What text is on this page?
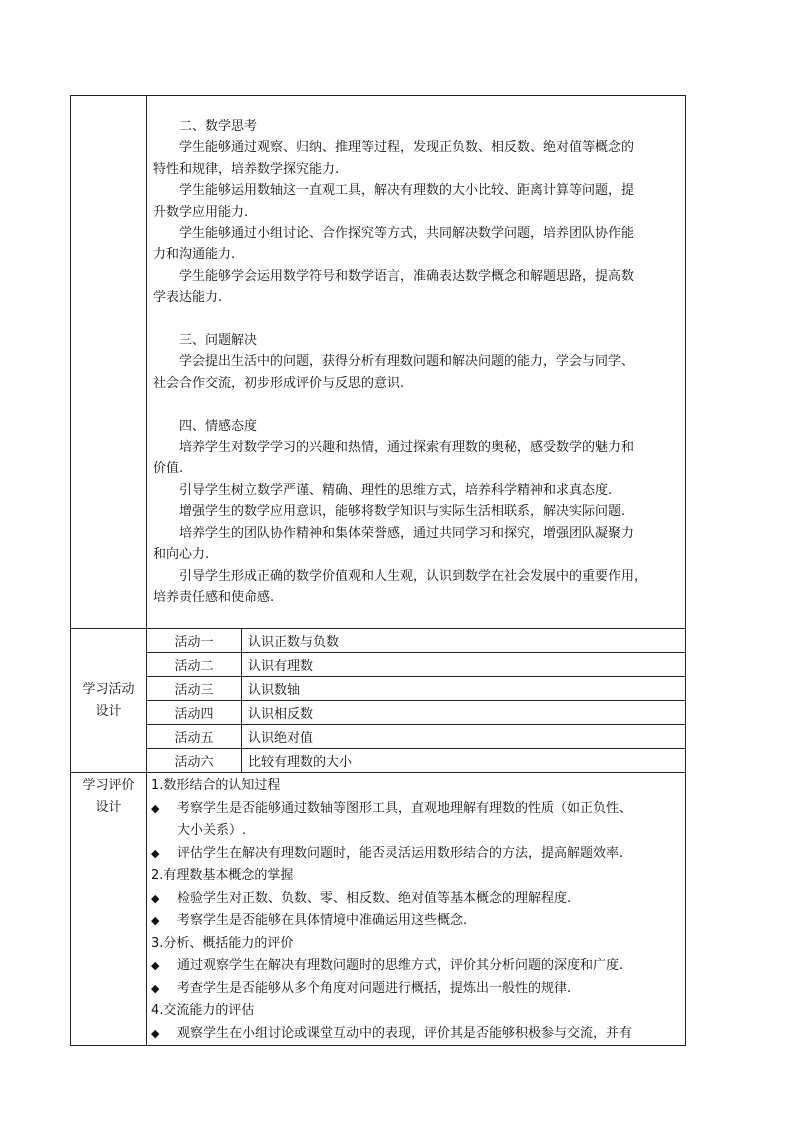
二、数学思考

学生能够通过观察、归纳、推理等过程，发现正负数、相反数、绝对值等概念的

特性和规律，培养数学探究能力.

学生能够运用数轴这一直观工具，解决有理数的大小比较、距离计算等问题，提

升数学应用能力.

学生能够通过小组讨论、合作探究等方式，共同解决数学问题，培养团队协作能

力和沟通能力.

学生能够学会运用数学符号和数学语言，准确表达数学概念和解题思路，提高数

学表达能力.

三、问题解决

学会提出生活中的问题，获得分析有理数问题和解决问题的能力，学会与同学、

社会合作交流，初步形成评价与反思的意识.

四、情感态度

培养学生对数学学习的兴趣和热情，通过探索有理数的奥秘，感受数学的魅力和

价值.

引导学生树立数学严谨、精确、理性的思维方式，培养科学精神和求真态度.

增强学生的数学应用意识，能够将数学知识与实际生活相联系，解决实际问题.

培养学生的团队协作精神和集体荣誉感，通过共同学习和探究，增强团队凝聚力

和向心力.

引导学生形成正确的数学价值观和人生观，认识到数学在社会发展中的重要作用，

培养责任感和使命感.

学习活动
设计

活动一	认识正数与负数
活动二	认识有理数
活动三	认识数轴
活动四	认识相反数
活动五	认识绝对值
活动六	比较有理数的大小

学习评价
设计

1.数形结合的认知过程

◆	考察学生是否能够通过数轴等图形工具，直观地理解有理数的性质（如正负性、
大小关系）.
◆	评估学生在解决有理数问题时，能否灵活运用数形结合的方法，提高解题效率.

2.有理数基本概念的掌握

◆	检验学生对正数、负数、零、相反数、绝对值等基本概念的理解程度.
◆	考察学生是否能够在具体情境中准确运用这些概念.

3.分析、概括能力的评价

◆	通过观察学生在解决有理数问题时的思维方式，评价其分析问题的深度和广度.
◆	考查学生是否能够从多个角度对问题进行概括，提炼出一般性的规律.

4.交流能力的评估

◆	观察学生在小组讨论或课堂互动中的表现，评价其是否能够积极参与交流，并有
